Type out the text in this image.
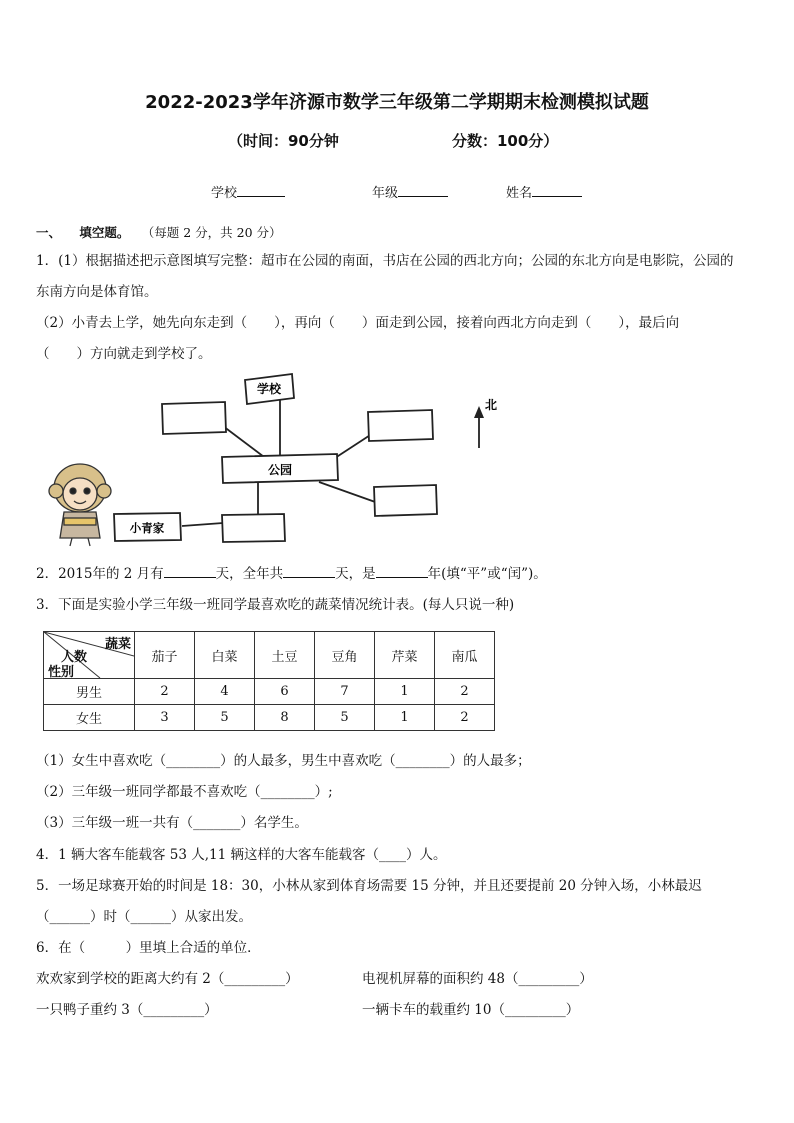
2022-2023学年济源市数学三年级第二学期期末检测模拟试题
（时间：90分钟	分数：100分）
学校	年级	姓名
一、 填空题。 （每题 2 分，共 20 分）
1．(1）根据描述把示意图填写完整：超市在公园的南面，书店在公园的西北方向；公园的东北方向是电影院，公园的
东南方向是体育馆。
（2）小青去上学，她先向东走到（　　），再向（　　）面走到公园，接着向西北方向走到（　　），最后向
（　　）方向就走到学校了。
学校
公园
小青家
北
2．2015年的 2 月有	天，全年共	天，是	年(填“平”或“闰”)。
3．下面是实验小学三年级一班同学最喜欢吃的蔬菜情况统计表。(每人只说一种)
蔬菜
人数
性别	茄子	白菜	土豆	豆角	芹菜	南瓜
男生	2	4	6	7	1	2
女生	3	5	8	5	1	2
（1）女生中喜欢吃（________）的人最多，男生中喜欢吃（________）的人最多；
（2）三年级一班同学都最不喜欢吃（________）;
（3）三年级一班一共有（_______）名学生。
4．1 辆大客车能载客 53 人,11 辆这样的大客车能载客（____）人。
5．一场足球赛开始的时间是 18：30，小林从家到体育场需要 15 分钟，并且还要提前 20 分钟入场，小林最迟
（______）时（______）从家出发。
6．在（　　　）里填上合适的单位．
欢欢家到学校的距离大约有 2（_________）	电视机屏幕的面积约 48（_________）
一只鸭子重约 3（_________）	一辆卡车的载重约 10（_________）
